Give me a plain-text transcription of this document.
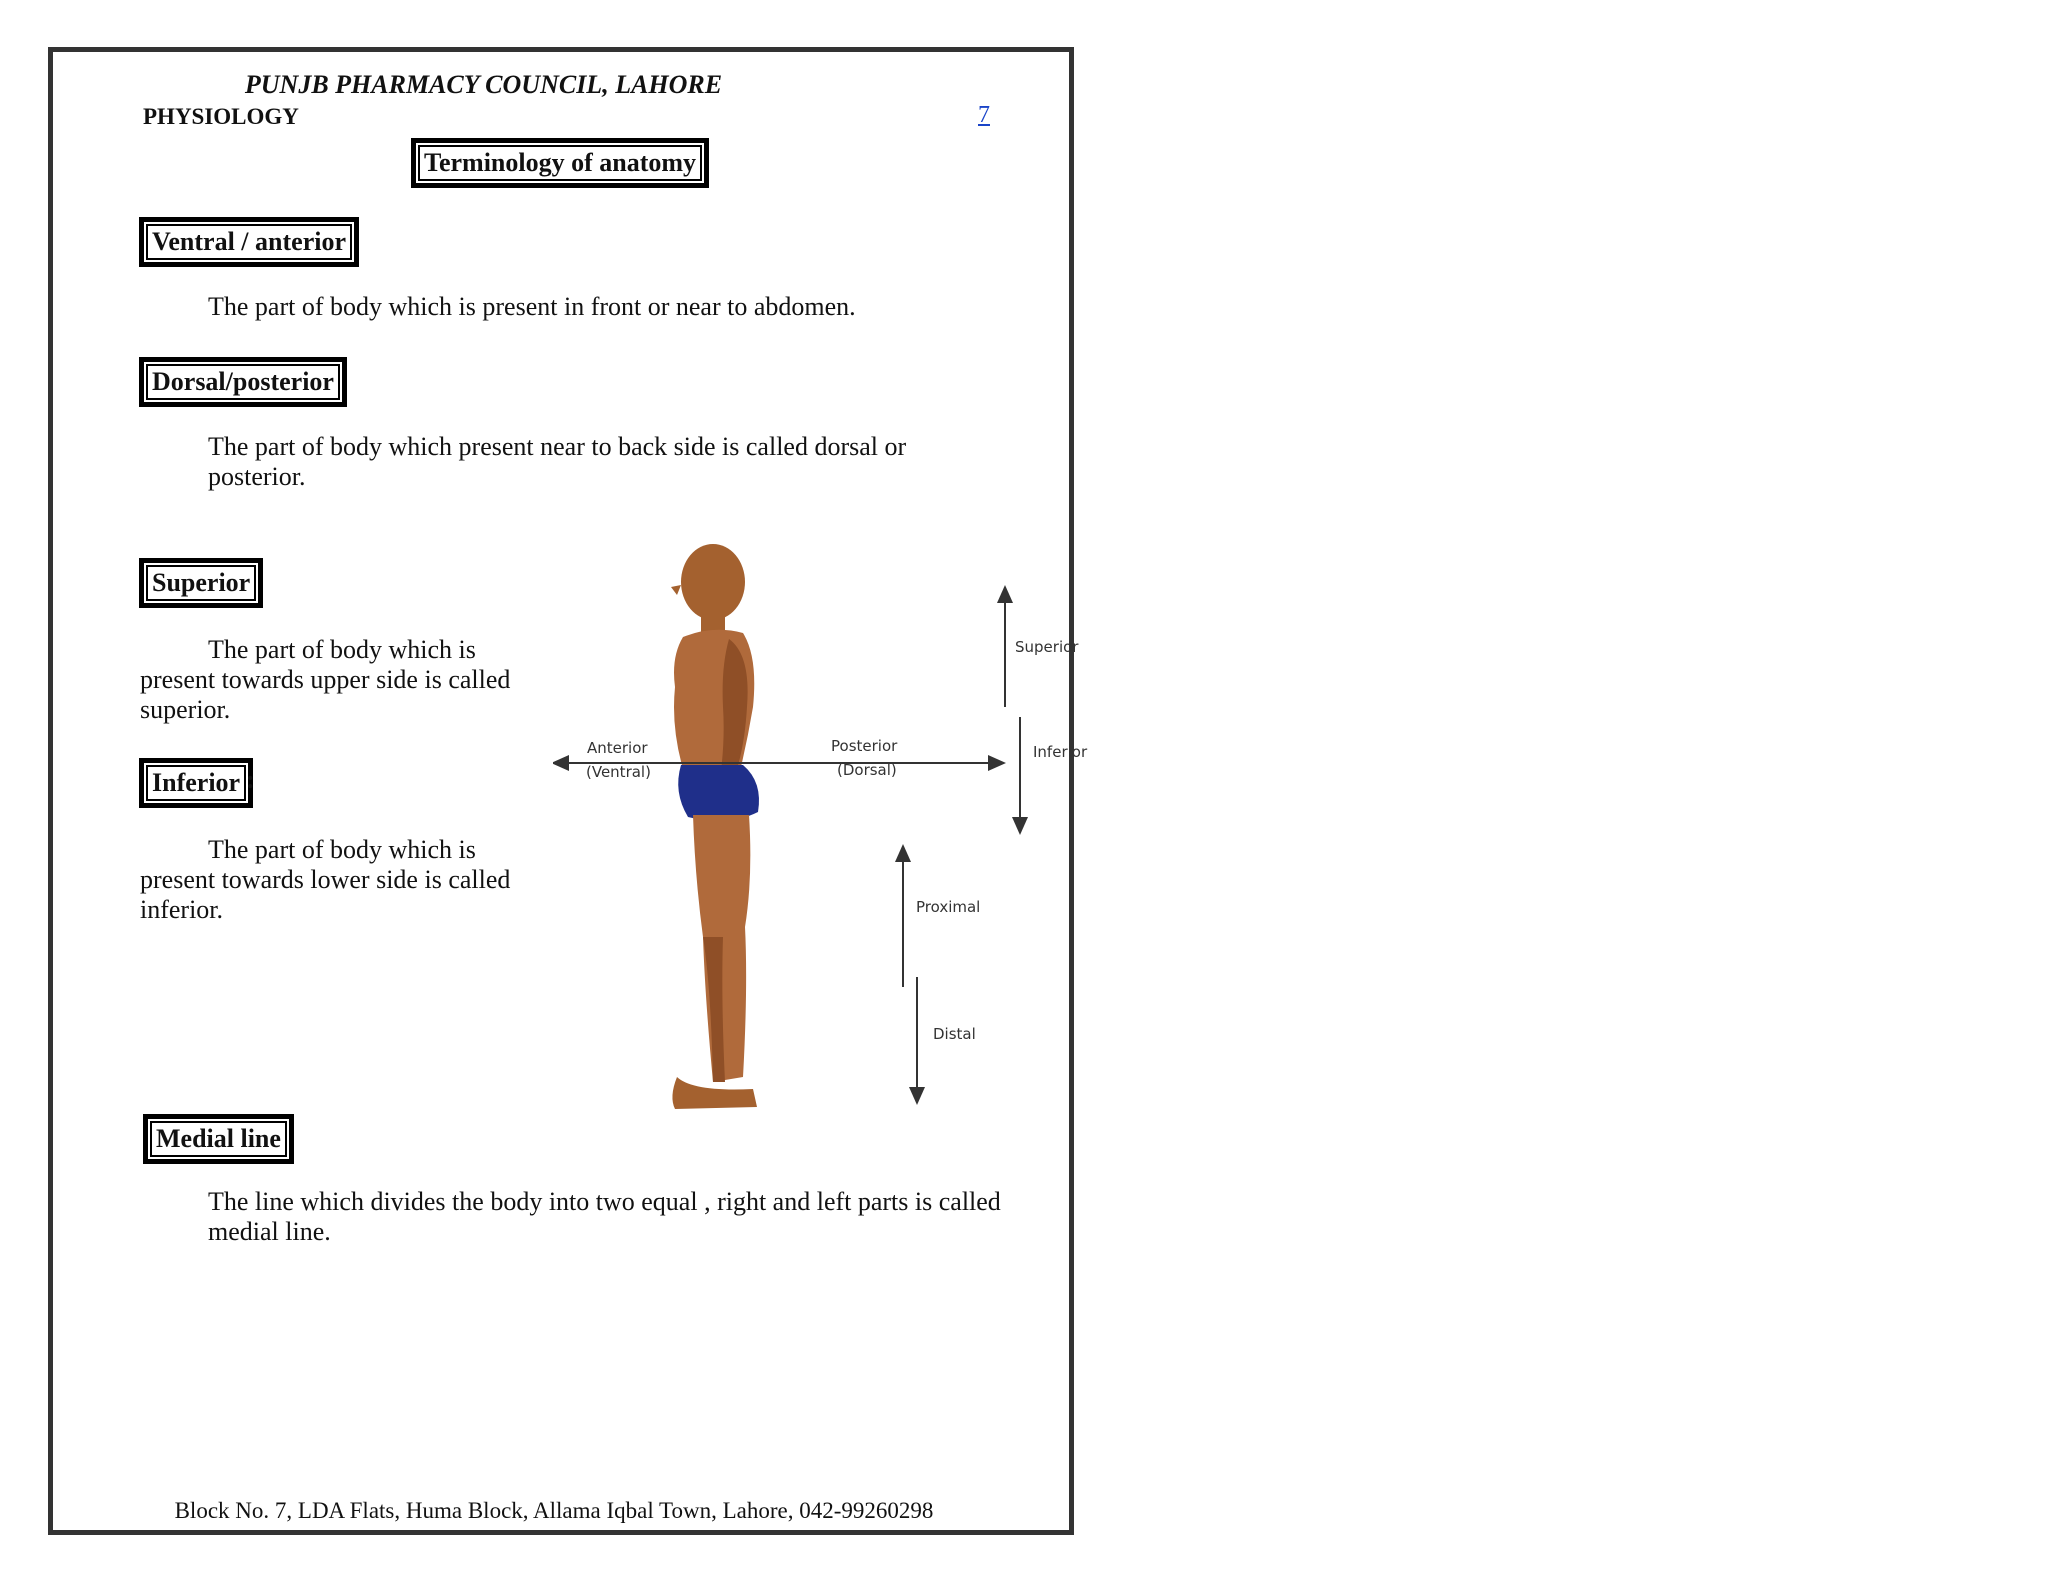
PUNJB PHARMACY COUNCIL, LAHORE
PHYSIOLOGY	7
Terminology of anatomy
Ventral / anterior
The part of body which is present in front or near to abdomen.
Dorsal/posterior
The part of body which present near to back side is called dorsal or posterior.
Superior
The part of body which is present towards upper side is called superior.
Inferior :
The part of body which is present towards lower side is called inferior.
Medial line
The line which divides the body into two equal , right and left parts is called medial line.
Block No. 7, LDA Flats, Huma Block, Allama Iqbal Town, Lahore, 042-99260298
Anterior
(Ventral)
Posterior
(Dorsal)
Superior
Inferior
Proximal
Distal
